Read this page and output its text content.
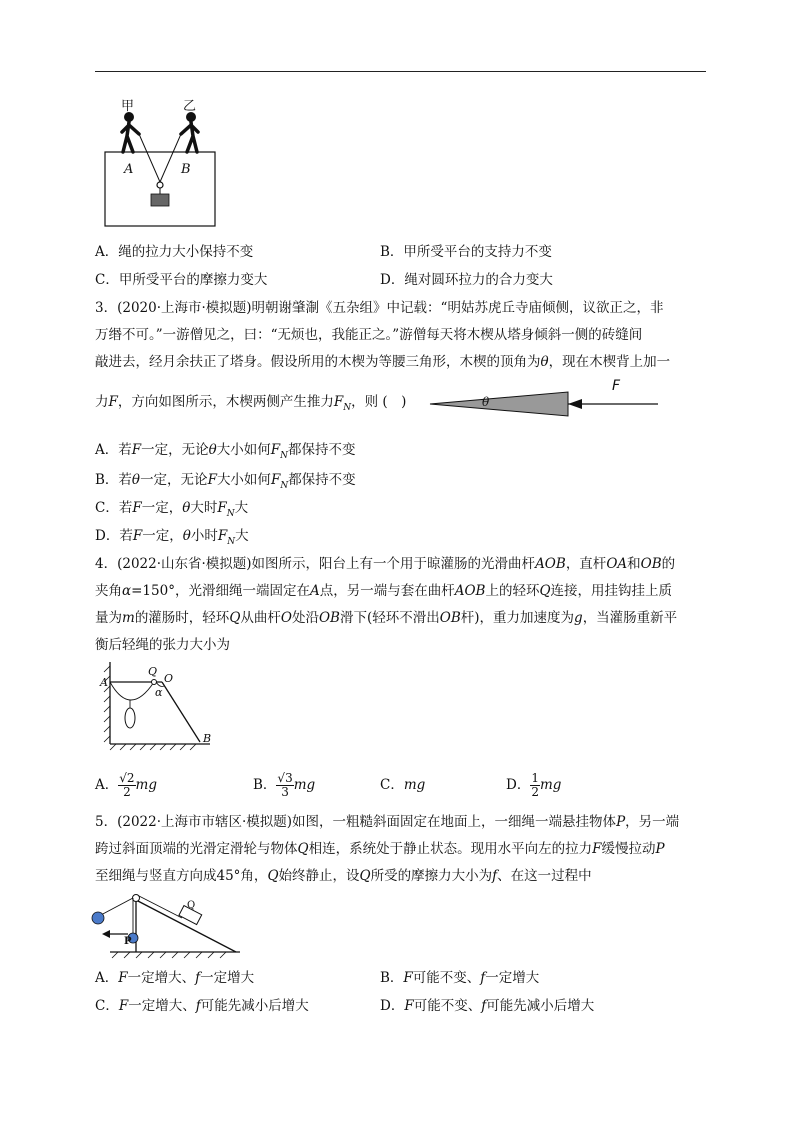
甲	乙
A	B
A．绳的拉力大小保持不变	B．甲所受平台的支持力不变
C．甲所受平台的摩擦力变大	D．绳对圆环拉力的合力变大
3．(2020·上海市·模拟题)明朝谢肇淛《五杂组》中记载：“明姑苏虎丘寺庙倾侧，议欲正之，非
万缗不可。”一游僧见之，曰：“无烦也，我能正之。”游僧每天将木楔从塔身倾斜一侧的砖缝间
敲进去，经月余扶正了塔身。假设所用的木楔为等腰三角形，木楔的顶角为θ，现在木楔背上加一
力F，方向如图所示，木楔两侧产生推力$F_N$，则 (　)	θ
F
A．若F一定，无论θ大小如何$F_N$都保持不变
B．若θ一定，无论F大小如何$F_N$都保持不变
C．若F一定，θ大时$F_N$大
D．若F一定，θ小时$F_N$大
4．(2022·山东省·模拟题)如图所示，阳台上有一个用于晾灌肠的光滑曲杆AOB，直杆OA和OB的
夹角α=150°，光滑细绳一端固定在A点，另一端与套在曲杆AOB上的轻环Q连接，用挂钩挂上质
量为m的灌肠时，轻环Q从曲杆O处沿OB滑下(轻环不滑出OB杆)，重力加速度为g，当灌肠重新平
衡后轻绳的张力大小为
A
Q
O
α
B
A． $\frac{√2}{2}$ mg	B． $\frac{√3}{3}$ mg	C．mg	D． $\frac{1}{2}$ mg
5．(2022·上海市市辖区·模拟题)如图，一粗糙斜面固定在地面上，一细绳一端悬挂物体P，另一端
跨过斜面顶端的光滑定滑轮与物体Q相连，系统处于静止状态。现用水平向左的拉力F缓慢拉动P
至细绳与竖直方向成45°角，Q始终静止，设Q所受的摩擦力大小为f、在这一过程中
Q
P
A．F一定增大、f一定增大	B．F可能不变、f一定增大
C．F一定增大、f可能先减小后增大	D．F可能不变、f可能先减小后增大
